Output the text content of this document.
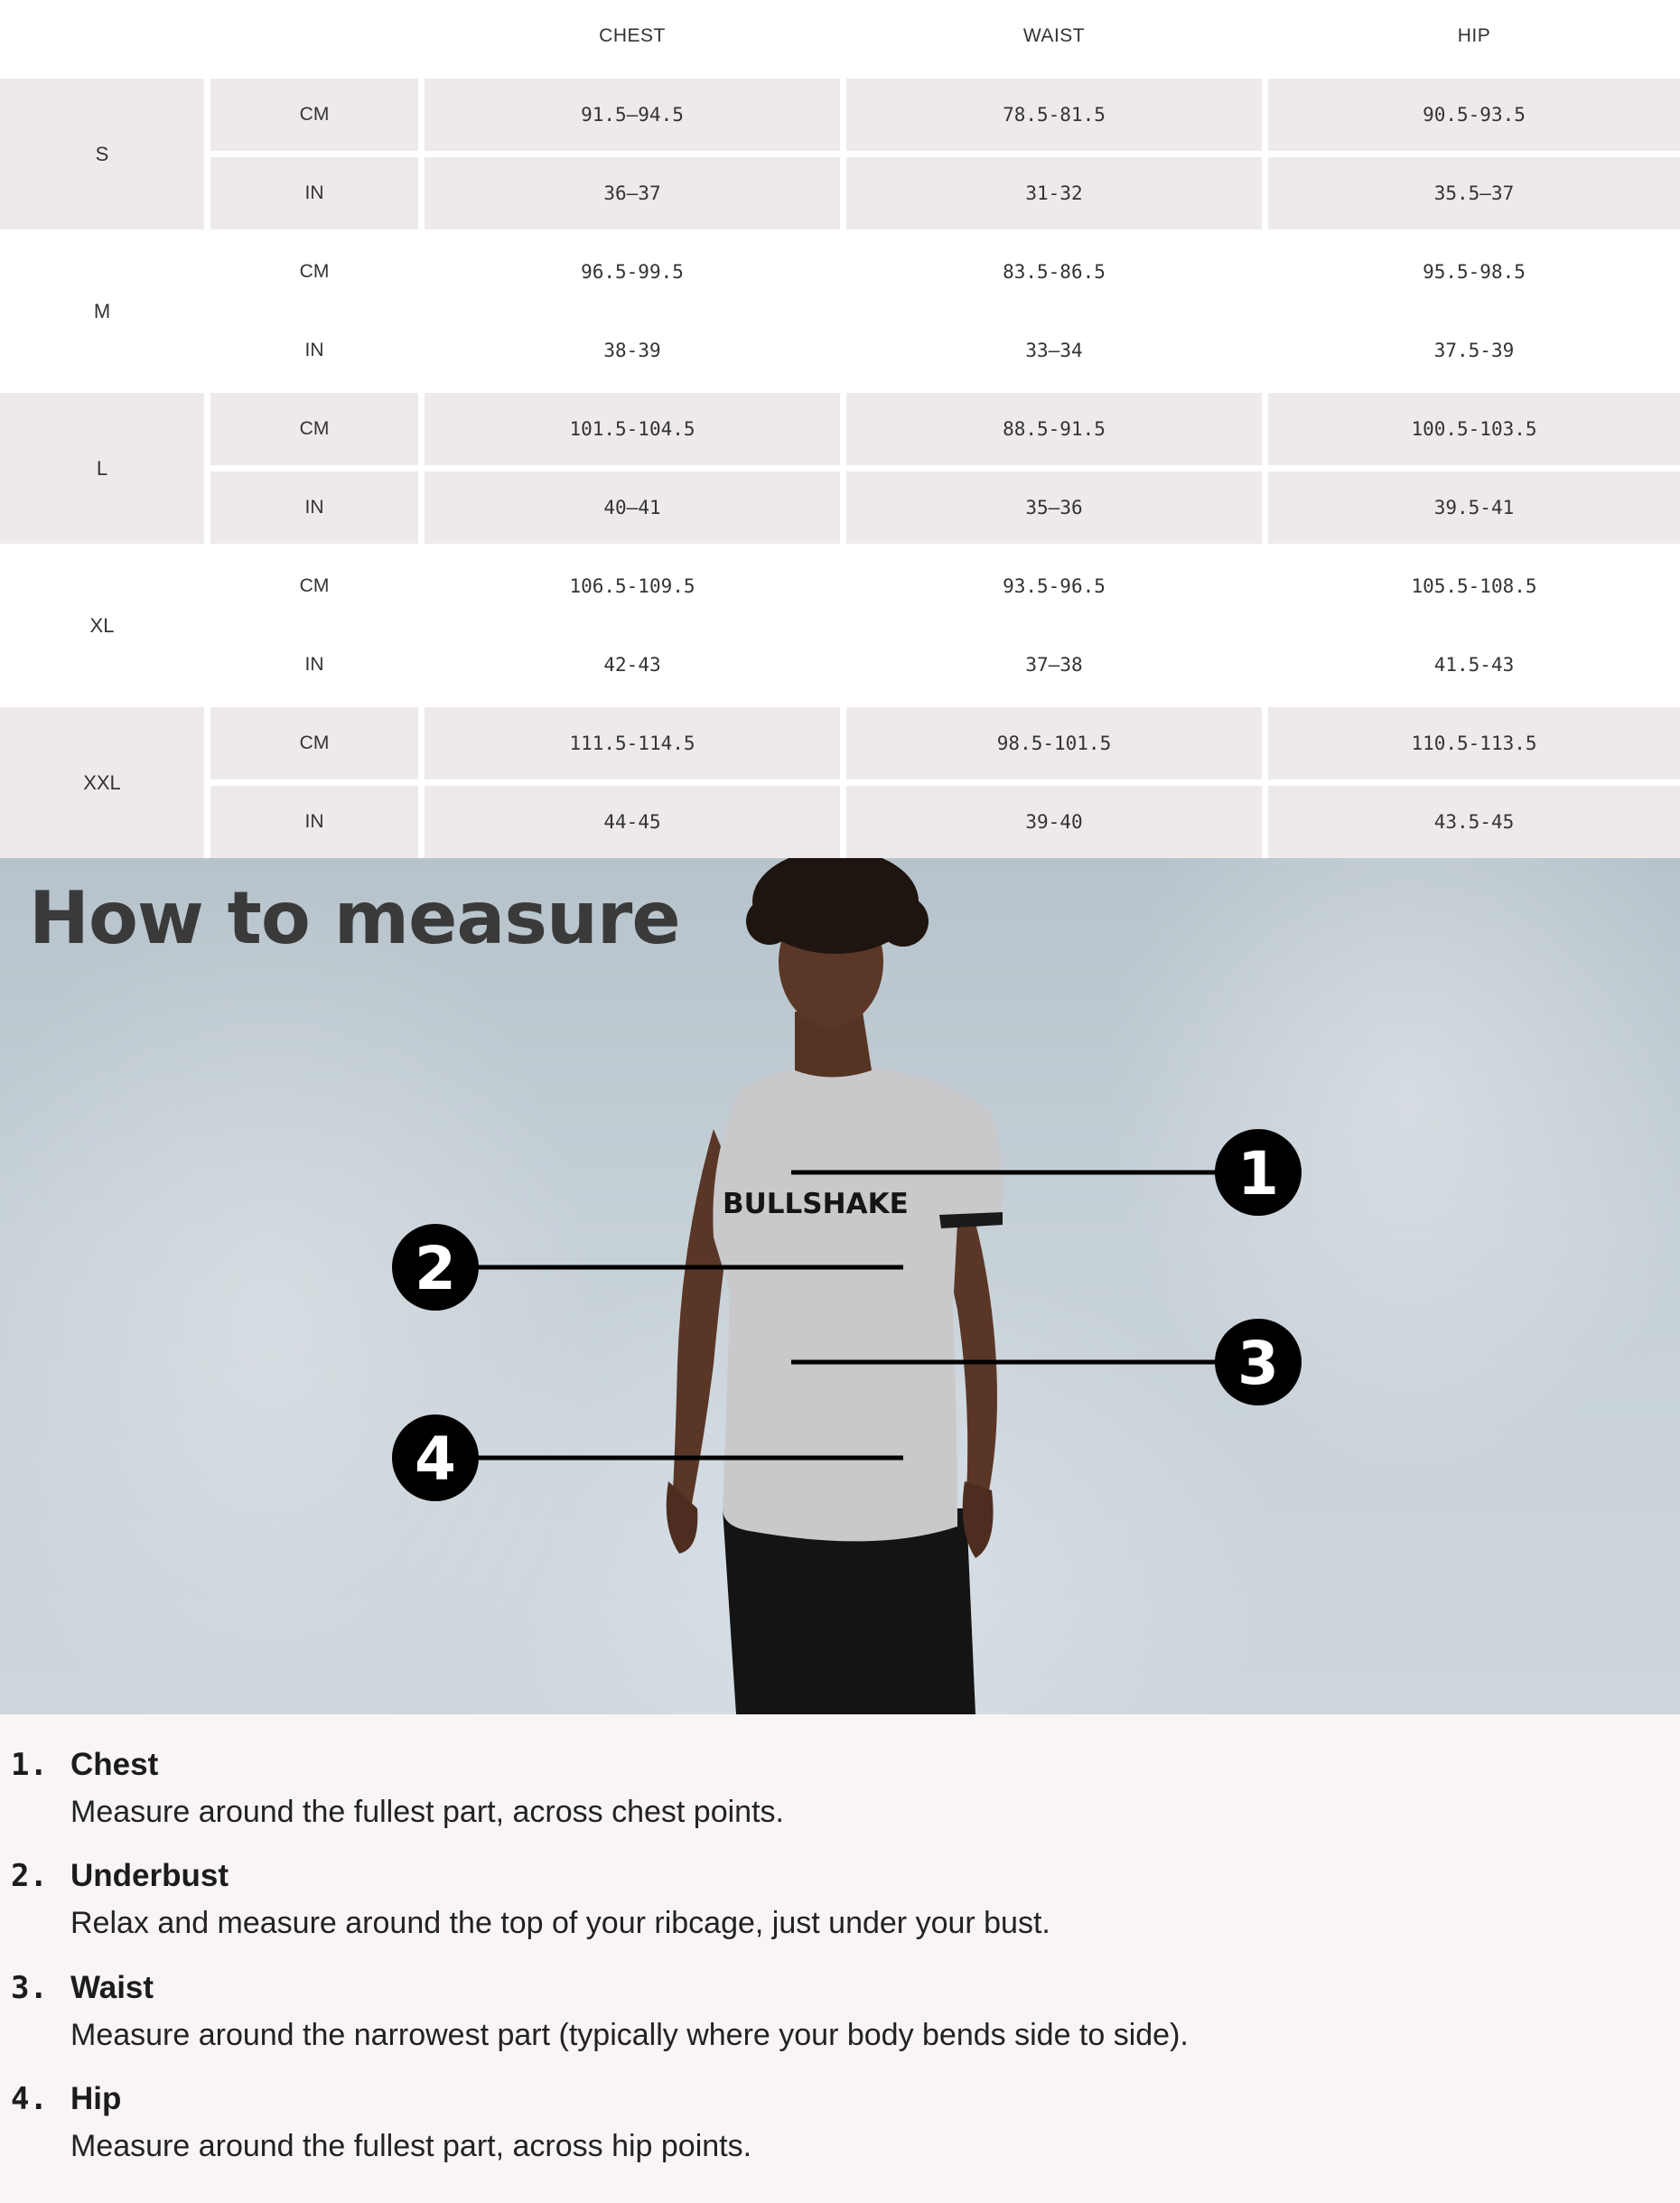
CHEST	WAIST	HIP
S
CM	91.5–94.5	78.5-81.5	90.5-93.5
IN	36–37	31-32	35.5–37
M
CM	96.5-99.5	83.5-86.5	95.5-98.5
IN	38-39	33–34	37.5-39
L
CM	101.5-104.5	88.5-91.5	100.5-103.5
IN	40–41	35–36	39.5-41
XL
CM	106.5-109.5	93.5-96.5	105.5-108.5
IN	42-43	37–38	41.5-43
XXL
CM	111.5-114.5	98.5-101.5	110.5-113.5
IN	44-45	39-40	43.5-45
BULLSHAKE	1
2
3
4
How to measure
1. Chest
Measure around the fullest part, across chest points.
2. Underbust
Relax and measure around the top of your ribcage, just under your bust.
3. Waist
Measure around the narrowest part (typically where your body bends side to side).
4. Hip
Measure around the fullest part, across hip points.
